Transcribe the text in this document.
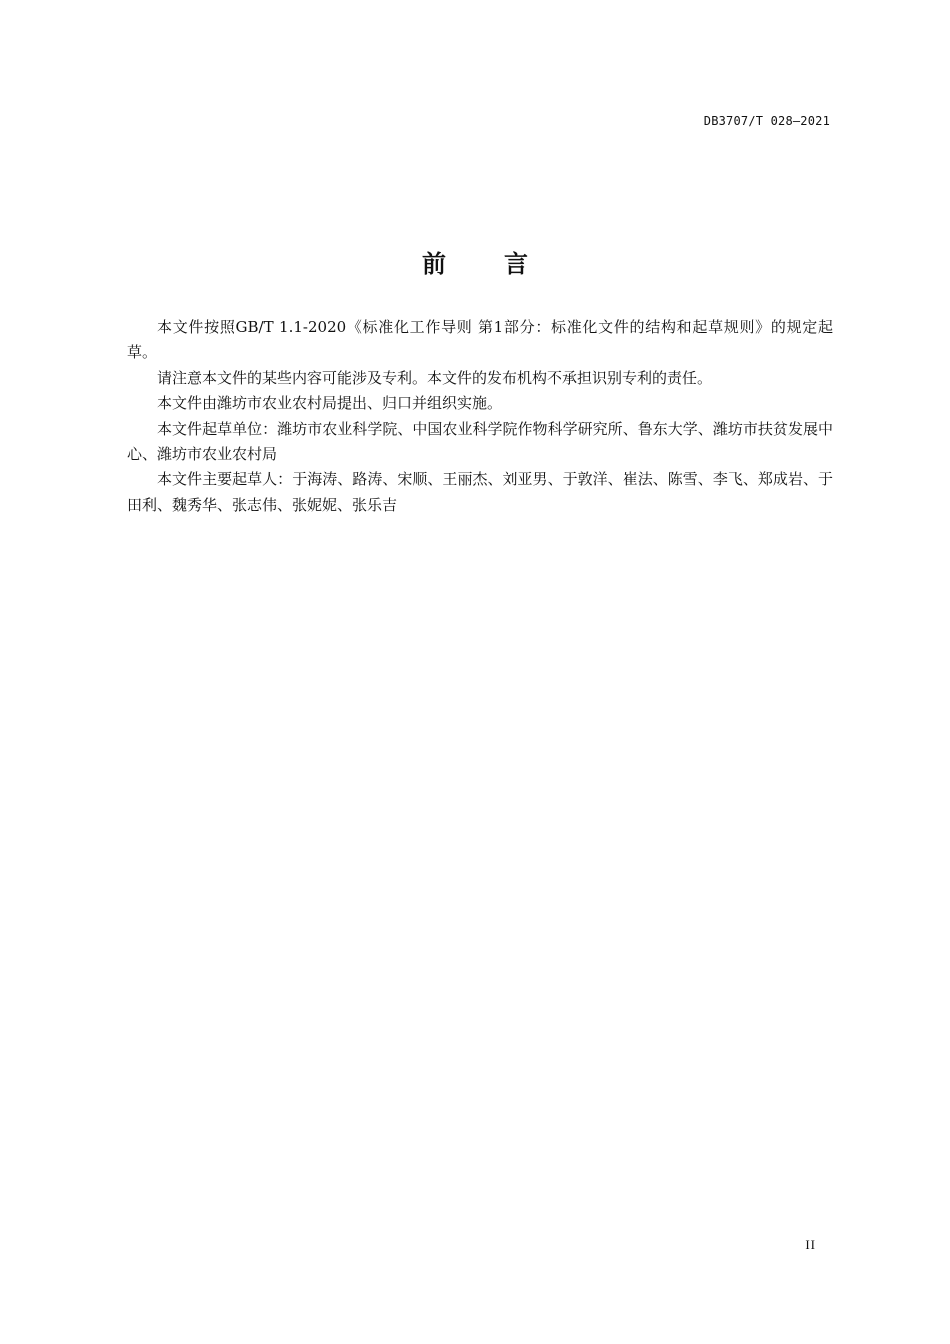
DB3707/T 028—2021
前言

本文件按照GB/T 1.1-2020《标准化工作导则 第1部分：标准化文件的结构和起草规则》的规定起草。

请注意本文件的某些内容可能涉及专利。本文件的发布机构不承担识别专利的责任。

本文件由潍坊市农业农村局提出、归口并组织实施。

本文件起草单位：潍坊市农业科学院、中国农业科学院作物科学研究所、鲁东大学、潍坊市扶贫发展中心、潍坊市农业农村局

本文件主要起草人：于海涛、路涛、宋顺、王丽杰、刘亚男、于敦洋、崔法、陈雪、李飞、郑成岩、于田利、魏秀华、张志伟、张妮妮、张乐吉

II
